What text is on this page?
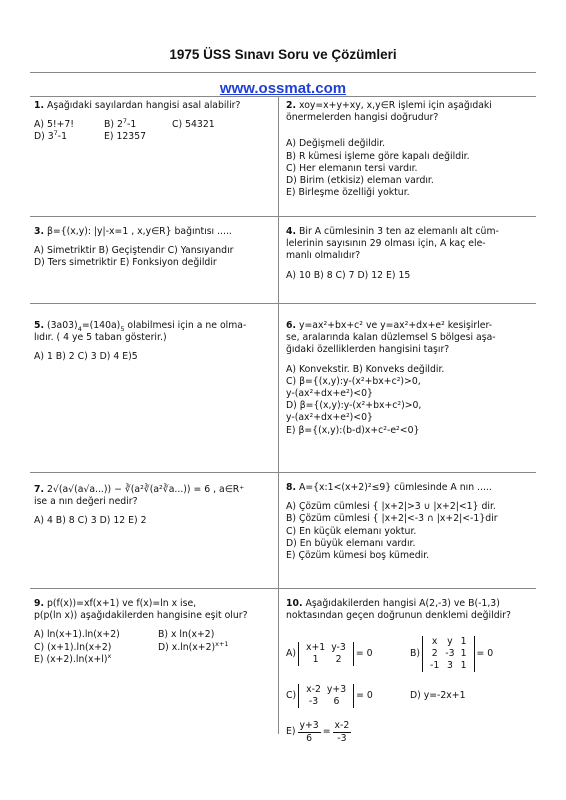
1975 ÜSS Sınavı Soru ve Çözümleri
www.ossmat.com
1. Aşağıdaki sayılardan hangisi asal alabilir?
A) 5!+7!	B) $2^7-1$	C) 54321
D) $3^7-1$	E) 12357
2. xoy=x+y+xy, x,y∈R işlemi için aşağıdaki
önermelerden hangisi doğrudur?
A) Değişmeli değildir.
B) R kümesi işleme göre kapalı değildir.
C) Her elemanın tersi vardır.
D) Birim (etkisiz) eleman vardır.
E) Birleşme özelliği yoktur.
3. β={(x,y): |y|-x=1 , x,y∈R} bağıntısı .....
A) Simetriktir B) Geçiştendir C) Yansıyandır
D) Ters simetriktir E) Fonksiyon değildir
4. Bir A cümlesinin 3 ten az elemanlı alt cüm-
lelerinin sayısının 29 olması için, A kaç ele-
manlı olmalıdır?
A) 10 B) 8 C) 7 D) 12 E) 15
5. $(3a03)_4=(140a)_5$ olabilmesi için a ne olma-
lıdır. ( 4 ye 5 taban gösterir.)
A) 1 B) 2 C) 3 D) 4 E)5
6. y=ax²+bx+c² ve y=ax²+dx+e² kesişirler-
se, aralarında kalan düzlemsel S bölgesi aşa-
ğıdaki özelliklerden hangisini taşır?
A) Konvekstir. B) Konveks değildir.
C) β={(x,y):y-(x²+bx+c²)>0,
y-(ax²+dx+e²)<0}
D) β={(x,y):y-(x²+bx+c²)>0,
y-(ax²+dx+e²)<0}
E) β={(x,y):(b-d)x+c²-e²<0}
7. 2√(a√(a√a...)) − ∛(a²∛(a²∛a...)) = 6 , a∈R⁺
ise a nın değeri nedir?
A) 4 B) 8 C) 3 D) 12 E) 2
8. A={x:1<(x+2)²≤9} cümlesinde A nın .....
A) Çözüm cümlesi { |x+2|>3 ∪ |x+2|<1} dir.
B) Çözüm cümlesi { |x+2|<-3 ∩ |x+2|<-1}dir
C) En küçük elemanı yoktur.
D) En büyük elemanı vardır.
E) Çözüm kümesi boş kümedir.
9. p(f(x))=xf(x+1) ve f(x)=ln x ise,
p(p(ln x)) aşağıdakilerden hangisine eşit olur?
A) ln(x+1).ln(x+2)	B) x ln(x+2)
C) (x+1).ln(x+2)	D) $x.\ln(x+2)^{x+1}$
E) $(x+2).\ln(x+l)^x$
10. Aşağıdakilerden hangisi A(2,-3) ve B(-1,3)
noktasından geçen doğrunun denklemi değildir?
A)
x+1	y-3
1	2
= 0	B)
x	y	1
2	-3	1
-1	3	1
= 0
C)
x-2	y+3
-3	6
= 0	D) y=-2x+1
$E) \frac{y+3}{6} = \frac{x-2}{-3}$
